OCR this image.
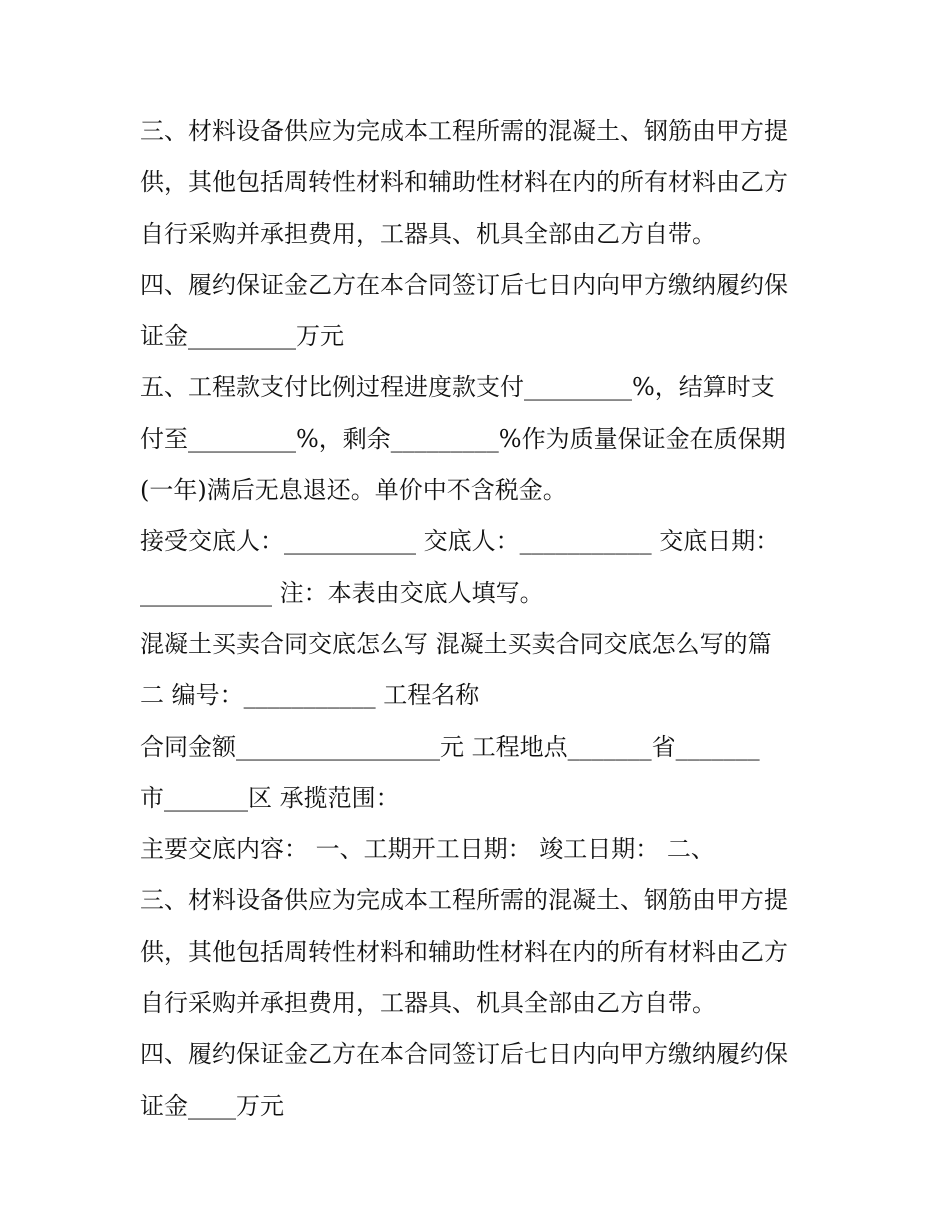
三、材料设备供应为完成本工程所需的混凝土、钢筋由甲方提
供，其他包括周转性材料和辅助性材料在内的所有材料由乙方
自行采购并承担费用，工器具、机具全部由乙方自带。
四、履约保证金乙方在本合同签订后七日内向甲方缴纳履约保
证金_________万元
五、工程款支付比例过程进度款支付_________%，结算时支
付至_________%，剩余_________%作为质量保证金在质保期
(一年)满后无息退还。单价中不含税金。
接受交底人：___________ 交底人：___________ 交底日期：
___________ 注：本表由交底人填写。
混凝土买卖合同交底怎么写 混凝土买卖合同交底怎么写的篇
二 编号：___________ 工程名称
合同金额_________________元 工程地点_______省_______
市_______区 承揽范围：
主要交底内容： 一、工期开工日期： 竣工日期： 二、
三、材料设备供应为完成本工程所需的混凝土、钢筋由甲方提
供，其他包括周转性材料和辅助性材料在内的所有材料由乙方
自行采购并承担费用，工器具、机具全部由乙方自带。
四、履约保证金乙方在本合同签订后七日内向甲方缴纳履约保
证金____万元
